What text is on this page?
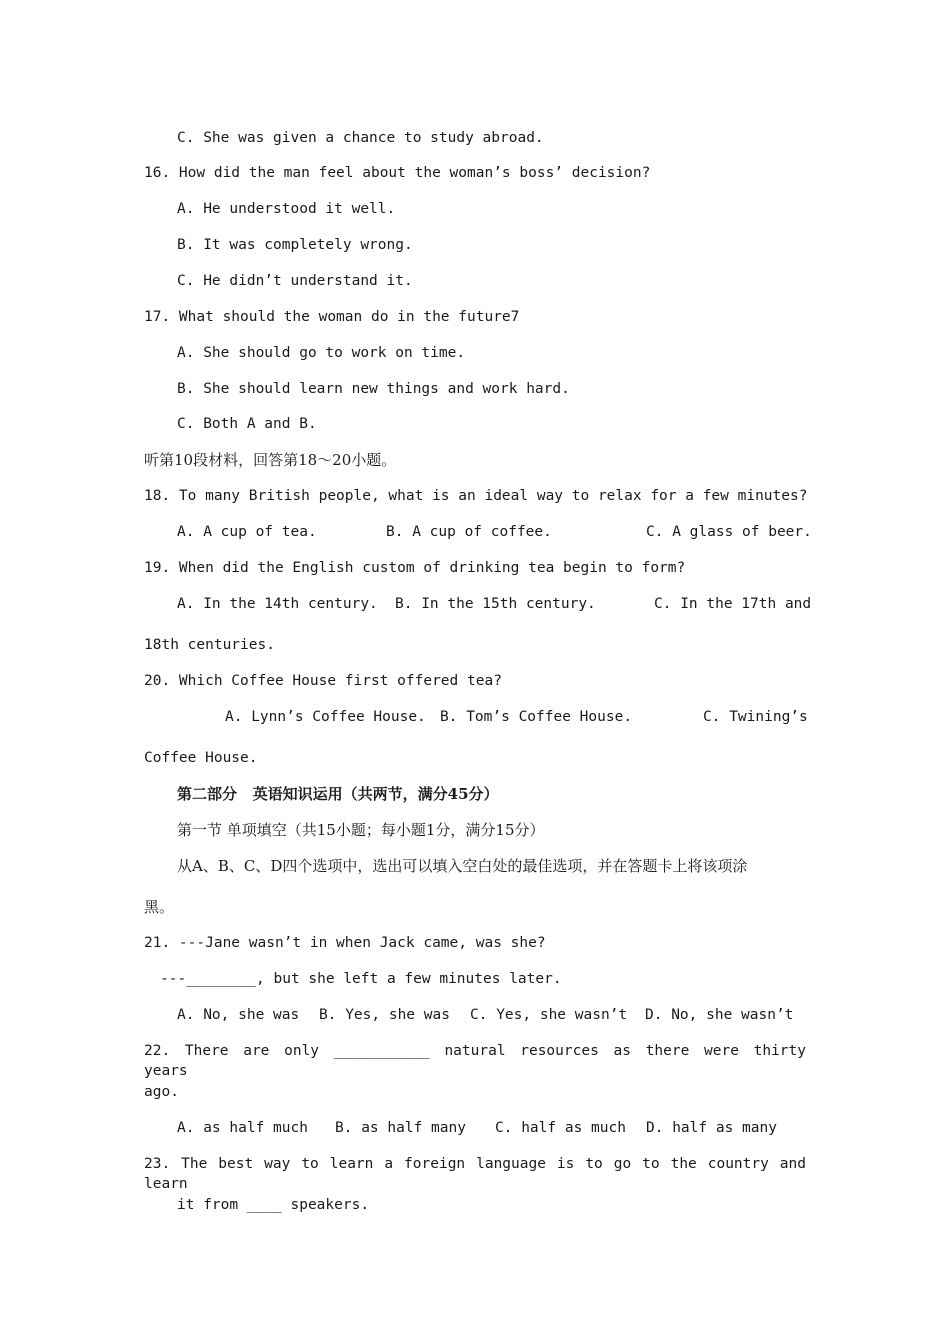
C. She was given a chance to study abroad.
16. How did the man feel about the woman’s boss’ decision?
A. He understood it well.
B. It was completely wrong.
C. He didn’t understand it.
17. What should the woman do in the future7
A. She should go to work on time.
B. She should learn new things and work hard.
C. Both A and B.
听第10段材料，回答第18～20小题。
18. To many British people, what is an ideal way to relax for a few minutes?
A. A cup of tea.	B. A cup of coffee.	C. A glass of beer.
19. When did the English custom of drinking tea begin to form?
A. In the 14th century. B. In the 15th century.	C. In the 17th and
18th centuries.
20. Which Coffee House first offered tea?
A. Lynn’s Coffee House. B. Tom’s Coffee House.	C. Twining’s
Coffee House.
第二部分   英语知识运用（共两节，满分45分）
第一节 单项填空（共15小题；每小题1分，满分15分）
从A、B、C、D四个选项中，选出可以填入空白处的最佳选项，并在答题卡上将该项涂
黑。
21. ---Jane wasn’t in when Jack came, was she?
---________, but she left a few minutes later.
A. No, she was B. Yes, she was C. Yes, she wasn’t D. No, she wasn’t
22. There are only ___________ natural resources as there were thirty years
ago.
A. as half much B. as half many C. half as much D. half as many
23. The best way to learn a foreign language is to go to the country and learn
it from ____ speakers.
